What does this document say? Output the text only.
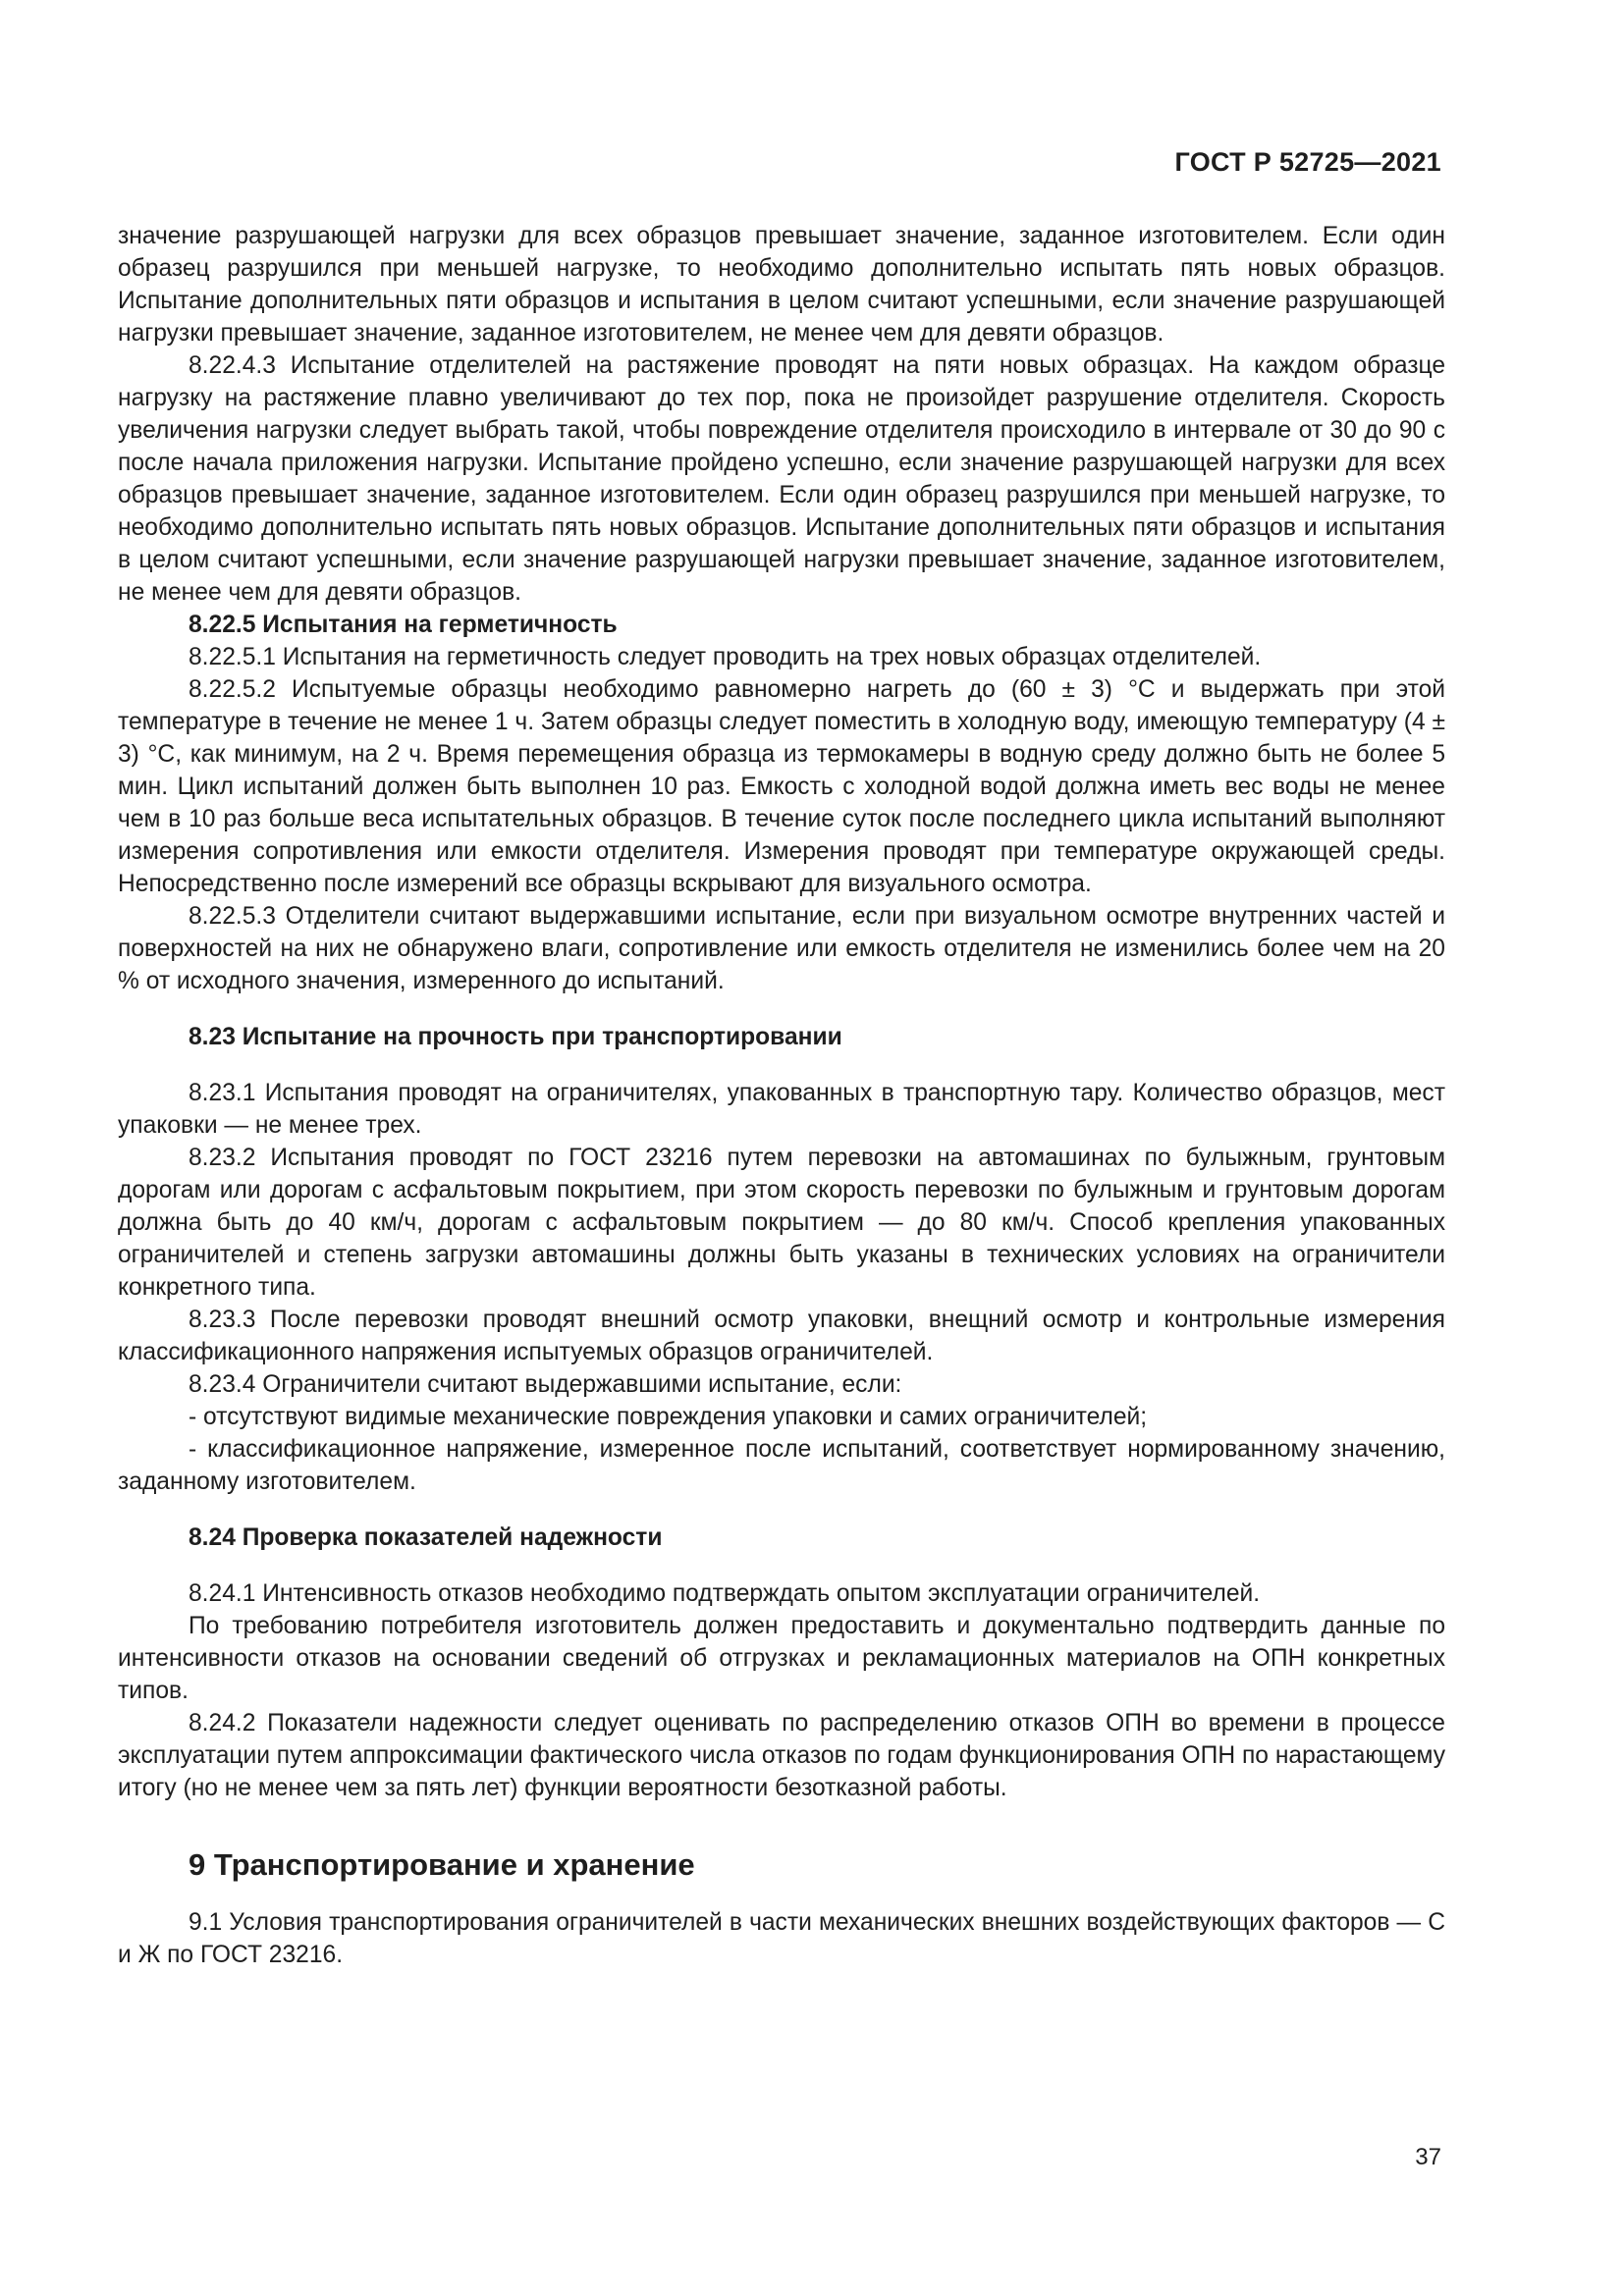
ГОСТ Р 52725—2021

значение разрушающей нагрузки для всех образцов превышает значение, заданное изготовителем. Если один образец разрушился при меньшей нагрузке, то необходимо дополнительно испытать пять новых образцов. Испытание дополнительных пяти образцов и испытания в целом считают успешными, если значение разрушающей нагрузки превышает значение, заданное изготовителем, не менее чем для девяти образцов.

8.22.4.3 Испытание отделителей на растяжение проводят на пяти новых образцах. На каждом образце нагрузку на растяжение плавно увеличивают до тех пор, пока не произойдет разрушение отделителя. Скорость увеличения нагрузки следует выбрать такой, чтобы повреждение отделителя происходило в интервале от 30 до 90 с после начала приложения нагрузки. Испытание пройдено успешно, если значение разрушающей нагрузки для всех образцов превышает значение, заданное изготовителем. Если один образец разрушился при меньшей нагрузке, то необходимо дополнительно испытать пять новых образцов. Испытание дополнительных пяти образцов и испытания в целом считают успешными, если значение разрушающей нагрузки превышает значение, заданное изготовителем, не менее чем для девяти образцов.

8.22.5 Испытания на герметичность

8.22.5.1 Испытания на герметичность следует проводить на трех новых образцах отделителей.

8.22.5.2 Испытуемые образцы необходимо равномерно нагреть до (60 ± 3) °С и выдержать при этой температуре в течение не менее 1 ч. Затем образцы следует поместить в холодную воду, имеющую температуру (4 ± 3) °С, как минимум, на 2 ч. Время перемещения образца из термокамеры в водную среду должно быть не более 5 мин. Цикл испытаний должен быть выполнен 10 раз. Емкость с холодной водой должна иметь вес воды не менее чем в 10 раз больше веса испытательных образцов. В течение суток после последнего цикла испытаний выполняют измерения сопротивления или емкости отделителя. Измерения проводят при температуре окружающей среды. Непосредственно после измерений все образцы вскрывают для визуального осмотра.

8.22.5.3 Отделители считают выдержавшими испытание, если при визуальном осмотре внутренних частей и поверхностей на них не обнаружено влаги, сопротивление или емкость отделителя не изменились более чем на 20 % от исходного значения, измеренного до испытаний.

8.23 Испытание на прочность при транспортировании

8.23.1 Испытания проводят на ограничителях, упакованных в транспортную тару. Количество образцов, мест упаковки — не менее трех.

8.23.2 Испытания проводят по ГОСТ 23216 путем перевозки на автомашинах по булыжным, грунтовым дорогам или дорогам с асфальтовым покрытием, при этом скорость перевозки по булыжным и грунтовым дорогам должна быть до 40 км/ч, дорогам с асфальтовым покрытием — до 80 км/ч. Способ крепления упакованных ограничителей и степень загрузки автомашины должны быть указаны в технических условиях на ограничители конкретного типа.

8.23.3 После перевозки проводят внешний осмотр упаковки, внещний осмотр и контрольные измерения классификационного напряжения испытуемых образцов ограничителей.

8.23.4 Ограничители считают выдержавшими испытание, если:

- отсутствуют видимые механические повреждения упаковки и самих ограничителей;

- классификационное напряжение, измеренное после испытаний, соответствует нормированному значению, заданному изготовителем.

8.24 Проверка показателей надежности

8.24.1 Интенсивность отказов необходимо подтверждать опытом эксплуатации ограничителей.

По требованию потребителя изготовитель должен предоставить и документально подтвердить данные по интенсивности отказов на основании сведений об отгрузках и рекламационных материалов на ОПН конкретных типов.

8.24.2 Показатели надежности следует оценивать по распределению отказов ОПН во времени в процессе эксплуатации путем аппроксимации фактического числа отказов по годам функционирования ОПН по нарастающему итогу (но не менее чем за пять лет) функции вероятности безотказной работы.

9 Транспортирование и хранение

9.1 Условия транспортирования ограничителей в части механических внешних воздействующих факторов — С и Ж по ГОСТ 23216.

37
